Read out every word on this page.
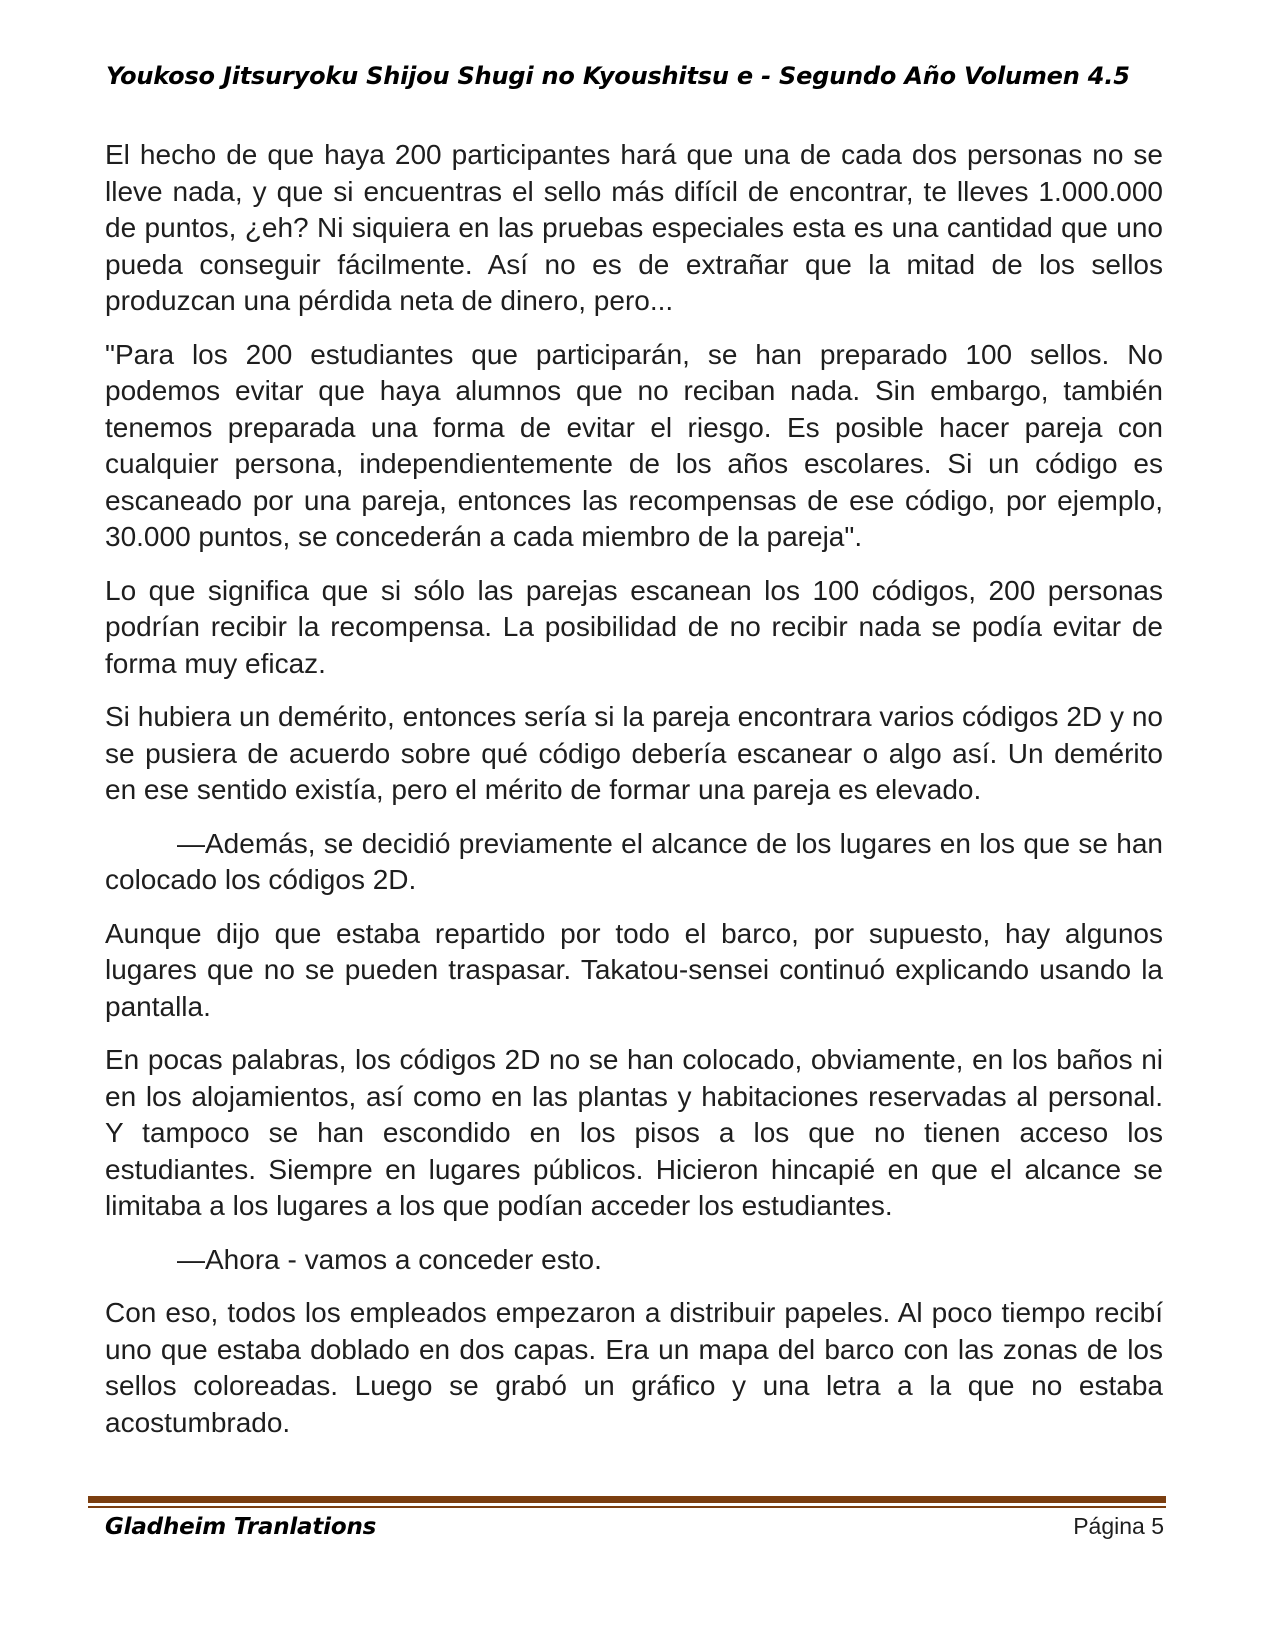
Youkoso Jitsuryoku Shijou Shugi no Kyoushitsu e - Segundo Año Volumen 4.5

El hecho de que haya 200 participantes hará que una de cada dos personas no se lleve nada, y que si encuentras el sello más difícil de encontrar, te lleves 1.000.000 de puntos, ¿eh? Ni siquiera en las pruebas especiales esta es una cantidad que uno pueda conseguir fácilmente. Así no es de extrañar que la mitad de los sellos produzcan una pérdida neta de dinero, pero...

"Para los 200 estudiantes que participarán, se han preparado 100 sellos. No podemos evitar que haya alumnos que no reciban nada. Sin embargo, también tenemos preparada una forma de evitar el riesgo. Es posible hacer pareja con cualquier persona, independientemente de los años escolares. Si un código es escaneado por una pareja, entonces las recompensas de ese código, por ejemplo, 30.000 puntos, se concederán a cada miembro de la pareja".

Lo que significa que si sólo las parejas escanean los 100 códigos, 200 personas podrían recibir la recompensa. La posibilidad de no recibir nada se podía evitar de forma muy eficaz.

Si hubiera un demérito, entonces sería si la pareja encontrara varios códigos 2D y no se pusiera de acuerdo sobre qué código debería escanear o algo así. Un demérito en ese sentido existía, pero el mérito de formar una pareja es elevado.

—Además, se decidió previamente el alcance de los lugares en los que se han colocado los códigos 2D.

Aunque dijo que estaba repartido por todo el barco, por supuesto, hay algunos lugares que no se pueden traspasar. Takatou-sensei continuó explicando usando la pantalla.

En pocas palabras, los códigos 2D no se han colocado, obviamente, en los baños ni en los alojamientos, así como en las plantas y habitaciones reservadas al personal. Y tampoco se han escondido en los pisos a los que no tienen acceso los estudiantes. Siempre en lugares públicos. Hicieron hincapié en que el alcance se limitaba a los lugares a los que podían acceder los estudiantes.

—Ahora - vamos a conceder esto.

Con eso, todos los empleados empezaron a distribuir papeles. Al poco tiempo recibí uno que estaba doblado en dos capas. Era un mapa del barco con las zonas de los sellos coloreadas. Luego se grabó un gráfico y una letra a la que no estaba acostumbrado.

Gladheim Tranlations	Página 5
